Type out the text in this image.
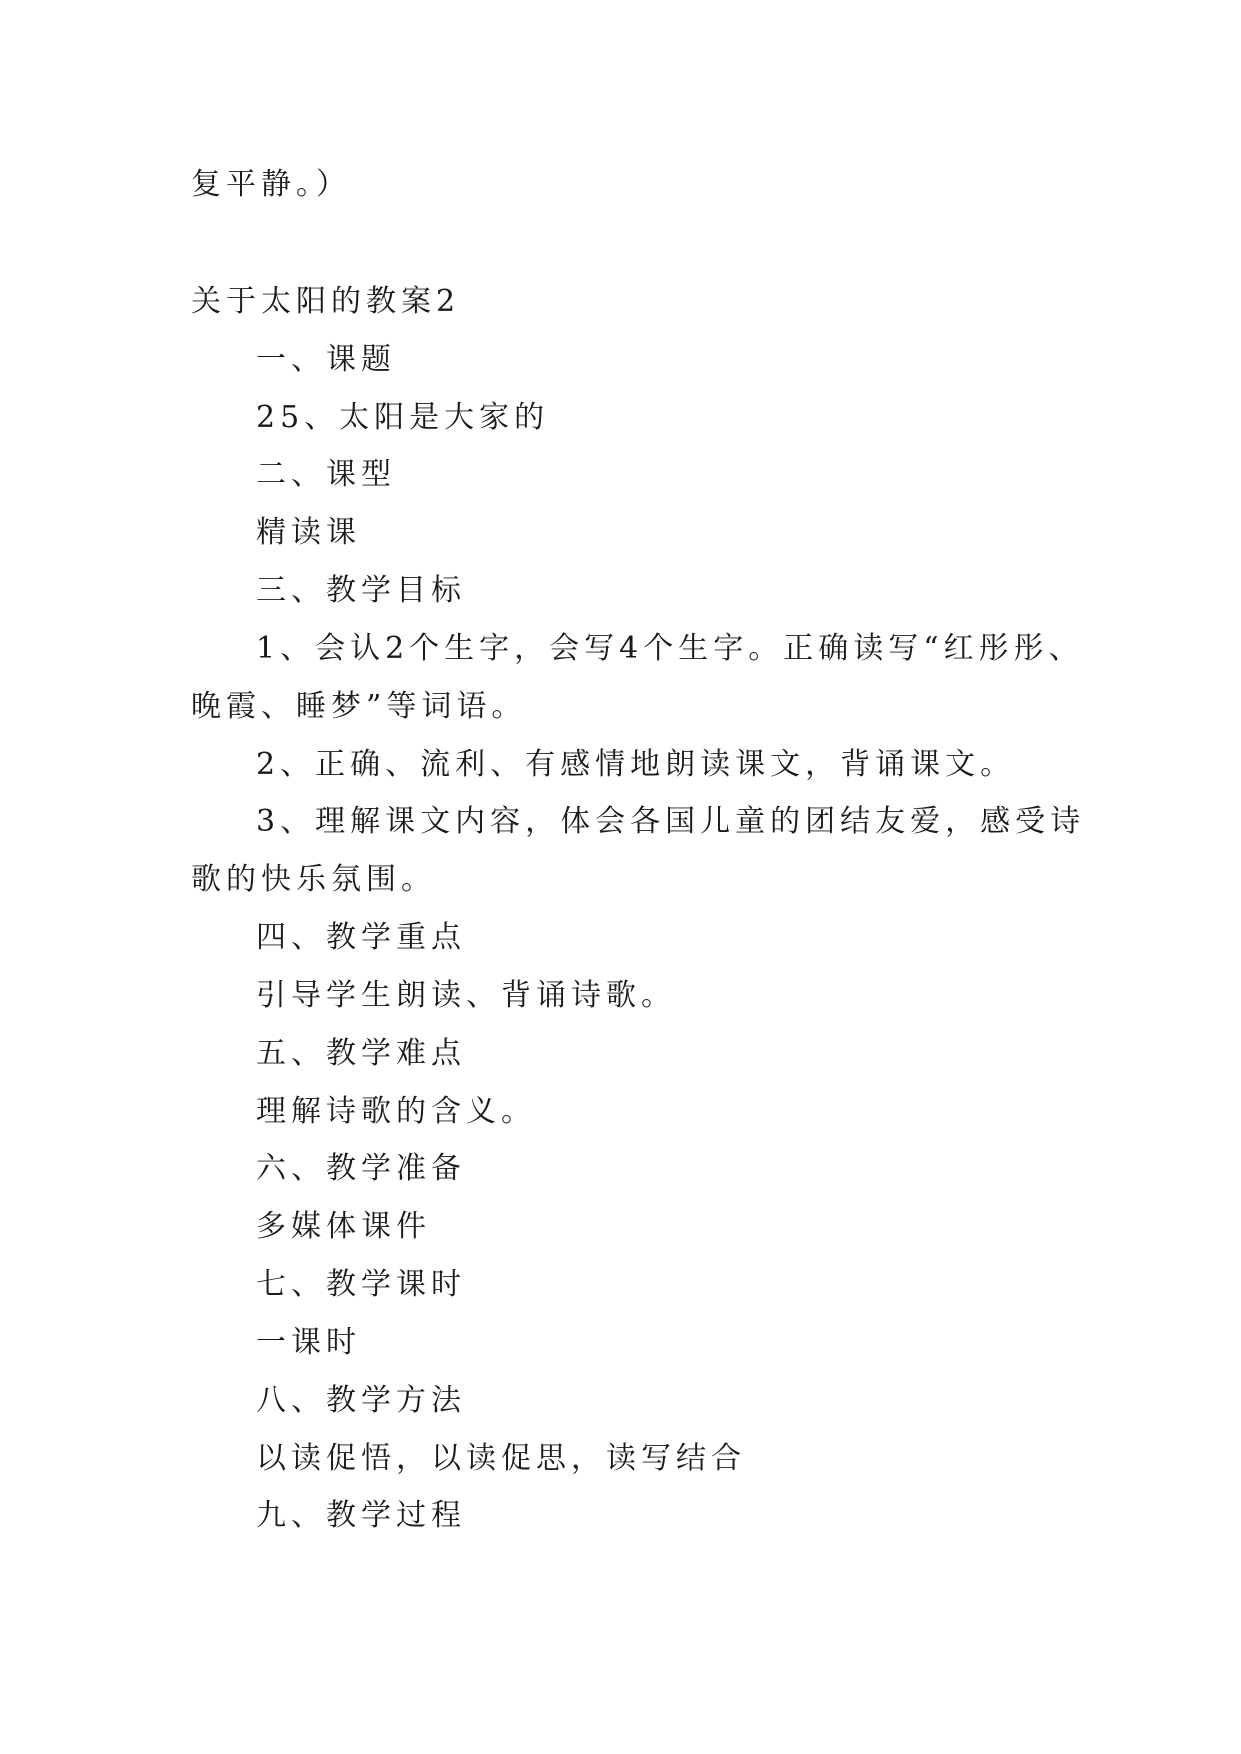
复平静。）
关于太阳的教案2
一、课题
25、太阳是大家的
二、课型
精读课
三、教学目标
1、会认2个生字，会写4个生字。正确读写“红彤彤、
晚霞、睡梦”等词语。
2、正确、流利、有感情地朗读课文，背诵课文。
3、理解课文内容，体会各国儿童的团结友爱，感受诗
歌的快乐氛围。
四、教学重点
引导学生朗读、背诵诗歌。
五、教学难点
理解诗歌的含义。
六、教学准备
多媒体课件
七、教学课时
一课时
八、教学方法
以读促悟，以读促思，读写结合
九、教学过程
